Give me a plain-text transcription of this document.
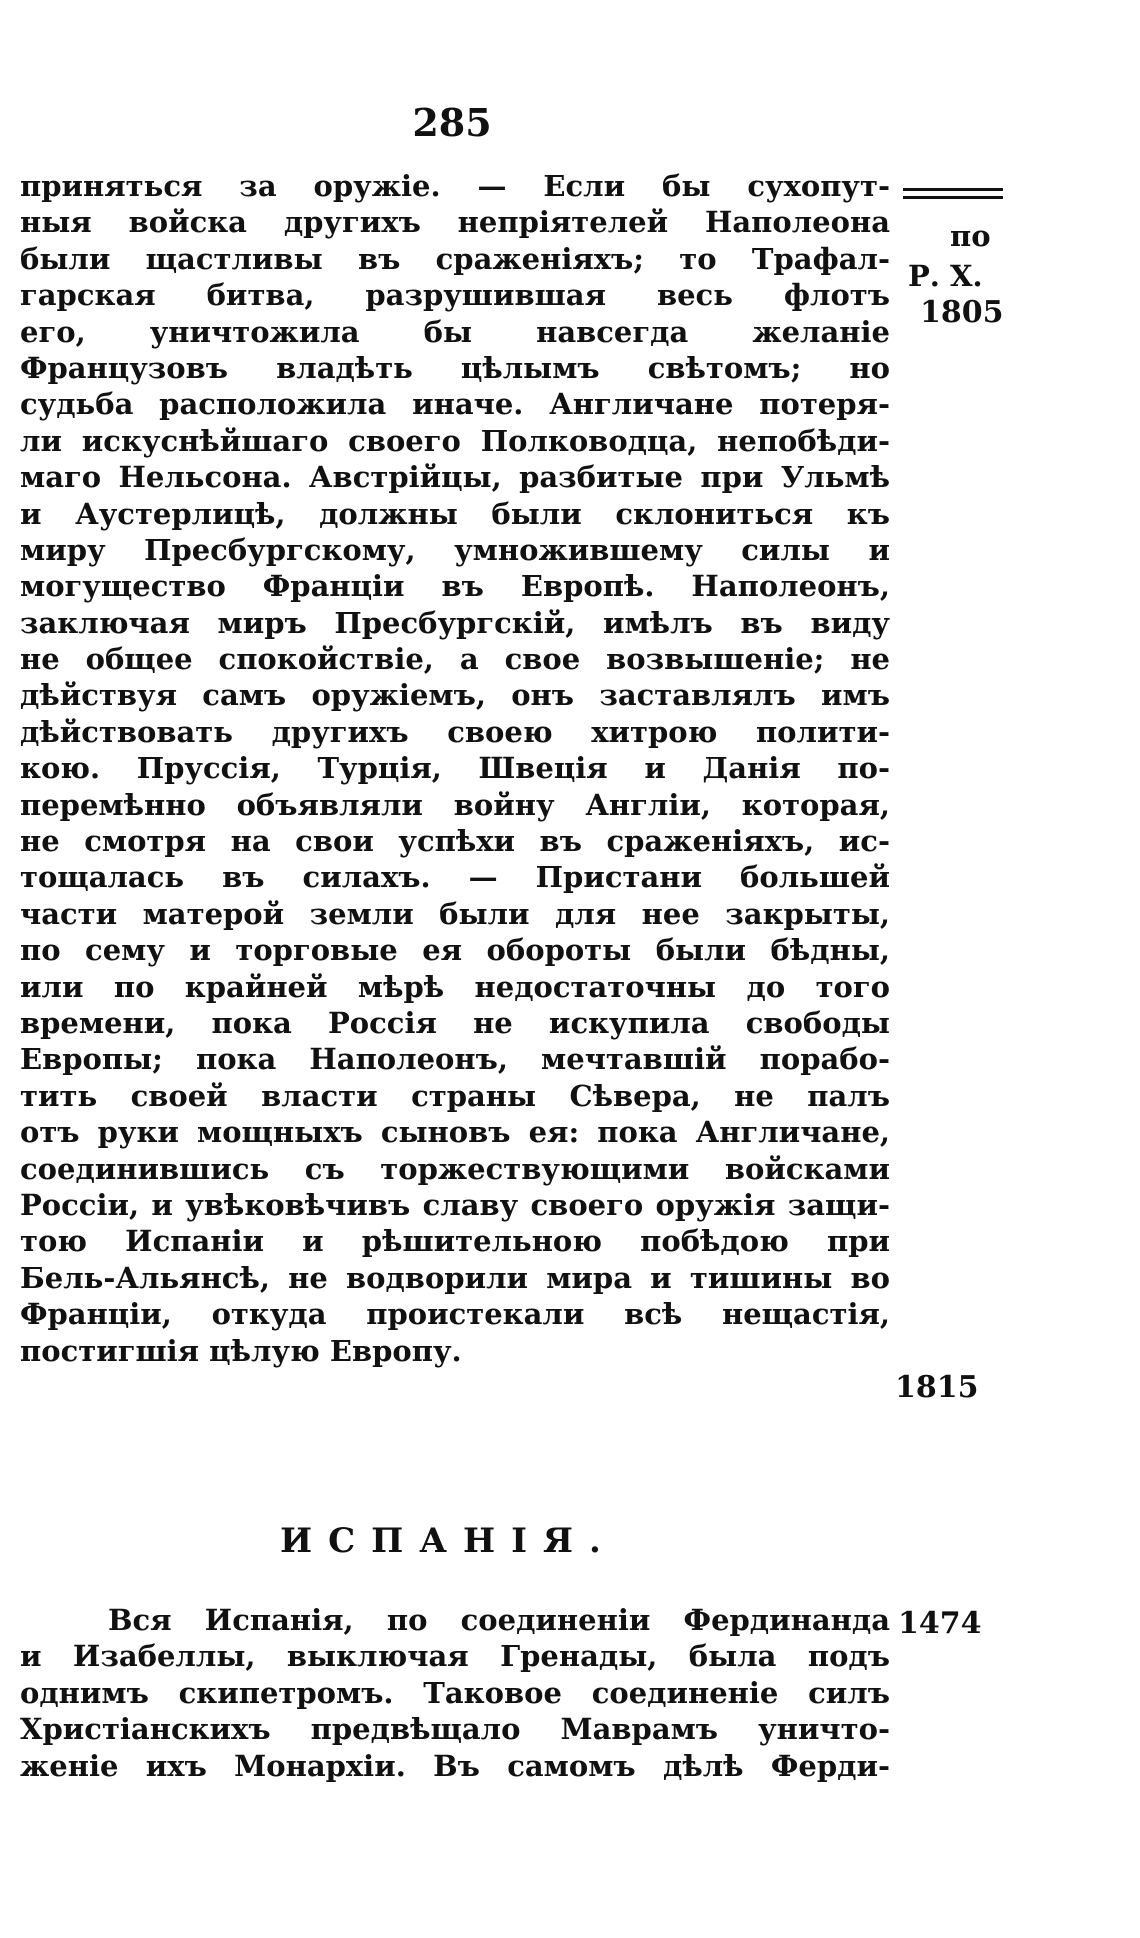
285
по
Р. Х.
1805
1815
приняться за оружіе. — Если бы сухопут-
ныя войска другихъ непріятелей Наполеона
были щастливы въ сраженіяхъ; то Трафал-
гарская битва, разрушившая весь флотъ
его, уничтожила бы навсегда желаніе
Французовъ владѣть цѣлымъ свѣтомъ; но
судьба расположила иначе. Англичане потеря-
ли искуснѣйшаго своего Полководца, непобѣди-
маго Нельсона. Австрійцы, разбитые при Ульмѣ
и Аустерлицѣ, должны были склониться къ
миру Пресбургскому, умножившему силы и
могущество Франціи въ Европѣ. Наполеонъ,
заключая миръ Пресбургскій, имѣлъ въ виду
не общее спокойствіе, а свое возвышеніе; не
дѣйствуя самъ оружіемъ, онъ заставлялъ имъ
дѣйствовать другихъ своею хитрою полити-
кою. Пруссія, Турція, Швеція и Данія по-
перемѣнно объявляли войну Англіи, которая,
не смотря на свои успѣхи въ сраженіяхъ, ис-
тощалась въ силахъ. — Пристани большей
части матерой земли были для нее закрыты,
по сему и торговые ея обороты были бѣдны,
или по крайней мѣрѣ недостаточны до того
времени, пока Россія не искупила свободы
Европы; пока Наполеонъ, мечтавшій порабо-
тить своей власти страны Сѣвера, не палъ
отъ руки мощныхъ сыновъ ея: пока Англичане,
соединившись съ торжествующими войсками
Россіи, и увѣковѣчивъ славу своего оружія защи-
тою Испаніи и рѣшительною побѣдою при
Бель-Альянсѣ, не водворили мира и тишины во
Франціи, откуда проистекали всѣ нещастія,
постигшія цѣлую Европу.
ИСПАНІЯ.
1474
Вся Испанія, по соединеніи Фердинанда
и Изабеллы, выключая Гренады, была подъ
однимъ скипетромъ. Таковое соединеніе силъ
Христіанскихъ предвѣщало Маврамъ уничто-
женіе ихъ Монархіи. Въ самомъ дѣлѣ Ферди-
